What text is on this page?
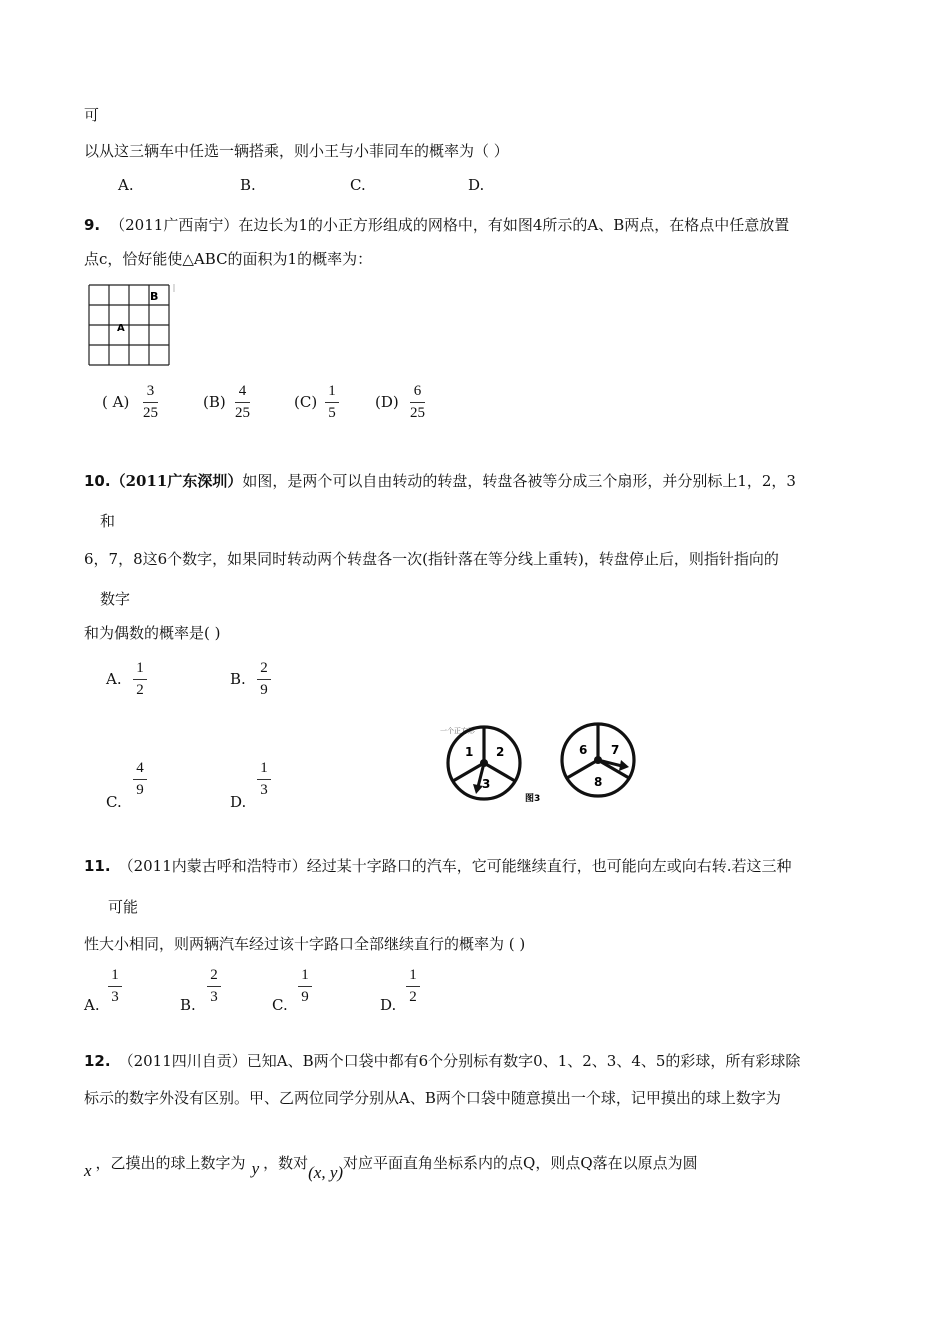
可
以从这三辆车中任选一辆搭乘，则小王与小菲同车的概率为（ ）
A.	B.	C.	D.
9. （2011广西南宁）在边长为1的小正方形组成的网格中，有如图4所示的A、B两点，在格点中任意放置
点c，恰好能使△ABC的面积为1的概率为：
A
B
( A)
3
25
(B)
4
25
(C)
1
5
(D)
6
25
10.（2011广东深圳）如图，是两个可以自由转动的转盘，转盘各被等分成三个扇形，并分别标上1，2，3
和
6，7，8这6个数字，如果同时转动两个转盘各一次(指针落在等分线上重转)，转盘停止后，则指针指向的
数字
和为偶数的概率是( )
A.
1
2
B.
2
9
C.
4
9
D.
1
3
一个正方形
1 2
3
图3
6 7
8
11. （2011内蒙古呼和浩特市）经过某十字路口的汽车，它可能继续直行，也可能向左或向右转.若这三种
可能
性大小相同，则两辆汽车经过该十字路口全部继续直行的概率为 ( )
A.
1
3	B.
2
3	C.
1
9	D.
1
2
12. （2011四川自贡）已知A、B两个口袋中都有6个分别标有数字0、1、2、3、4、5的彩球，所有彩球除
标示的数字外没有区别。甲、乙两位同学分别从A、B两个口袋中随意摸出一个球，记甲摸出的球上数字为
x ，乙摸出的球上数字为 y ，数对(x, y)对应平面直角坐标系内的点Q，则点Q落在以原点为圆
